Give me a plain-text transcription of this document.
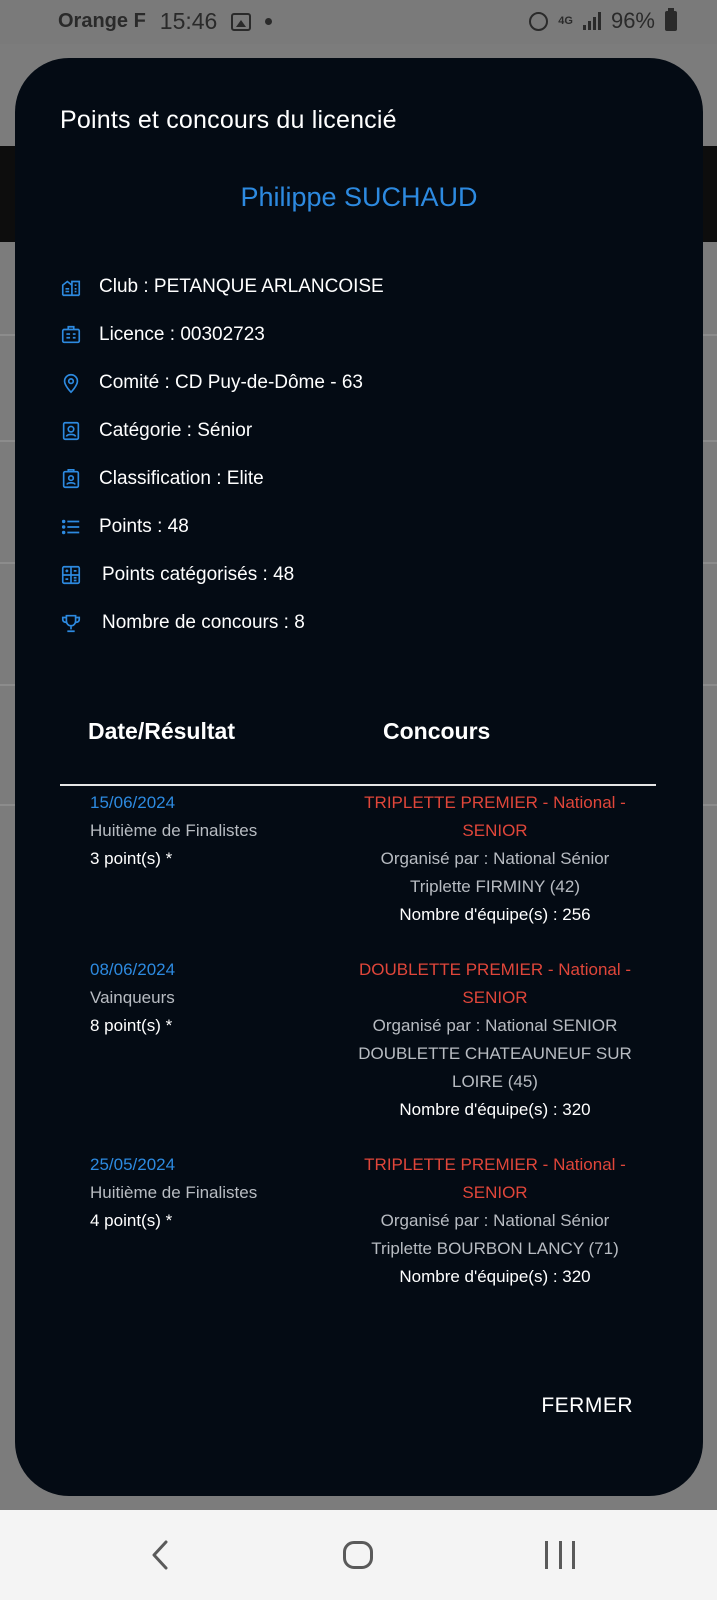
Orange F 15:46	4G 96%
Points et concours du licencié
Philippe SUCHAUD
Club : PETANQUE ARLANCOISE
Licence : 00302723
Comité : CD Puy-de-Dôme - 63
Catégorie : Sénior
Classification : Elite
Points : 48
Points catégorisés : 48
Nombre de concours : 8
Date/Résultat	Concours
15/06/2024
Huitième de Finalistes
3 point(s) *
TRIPLETTE PREMIER - National -
SENIOR
Organisé par : National Sénior
Triplette FIRMINY (42)
Nombre d'équipe(s) : 256
08/06/2024
Vainqueurs
8 point(s) *
DOUBLETTE PREMIER - National -
SENIOR
Organisé par : National SENIOR
DOUBLETTE CHATEAUNEUF SUR
LOIRE (45)
Nombre d'équipe(s) : 320
25/05/2024
Huitième de Finalistes
4 point(s) *
TRIPLETTE PREMIER - National -
SENIOR
Organisé par : National Sénior
Triplette BOURBON LANCY (71)
Nombre d'équipe(s) : 320
FERMER
